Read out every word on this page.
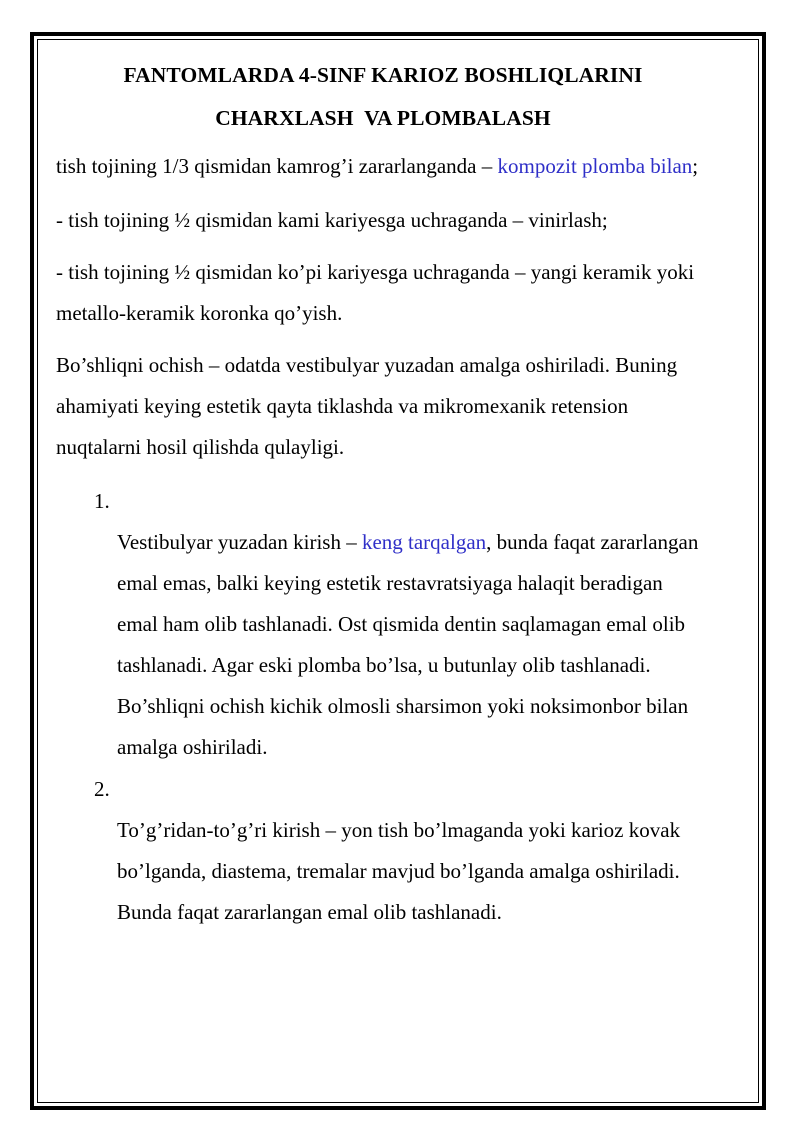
FANTOMLARDA 4-SINF KARIOZ BOSHLIQLARINI
CHARXLASH  VA PLOMBALASH

tish tojining 1/3 qismidan kamrog’i zararlanganda – kompozit plomba bilan;

- tish tojining ½ qismidan kami kariyesga uchraganda – vinirlash;

- tish tojining ½ qismidan ko’pi kariyesga uchraganda – yangi keramik yoki metallo-keramik koronka qo’yish.

Bo’shliqni ochish – odatda vestibulyar yuzadan amalga oshiriladi. Buning ahamiyati keying estetik qayta tiklashda va mikromexanik retension nuqtalarni hosil qilishda qulayligi.

1.
Vestibulyar yuzadan kirish – keng tarqalgan, bunda faqat zararlangan emal emas, balki keying estetik restavratsiyaga halaqit beradigan emal ham olib tashlanadi. Ost qismida dentin saqlamagan emal olib tashlanadi. Agar eski plomba bo’lsa, u butunlay olib tashlanadi. Bo’shliqni ochish kichik olmosli sharsimon yoki noksimonbor bilan amalga oshiriladi.
2.
To’g’ridan-to’g’ri kirish – yon tish bo’lmaganda yoki karioz kovak bo’lganda, diastema, tremalar mavjud bo’lganda amalga oshiriladi. Bunda faqat zararlangan emal olib tashlanadi.
